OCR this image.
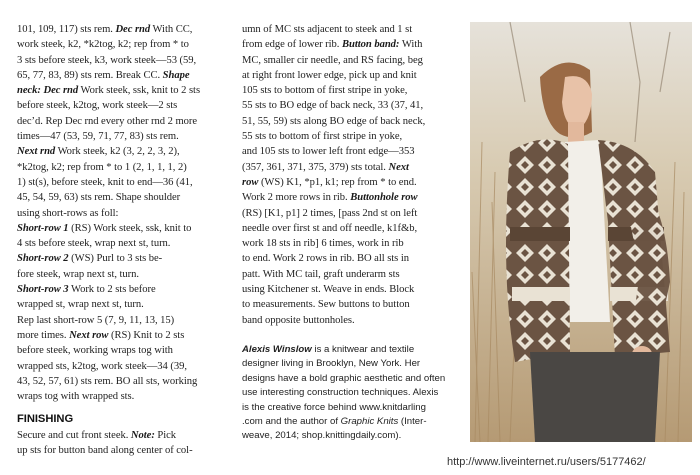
101, 109, 117) sts rem. Dec rnd With CC,
work steek, k2, *k2tog, k2; rep from * to
3 sts before steek, k3, work steek—53 (59,
65, 77, 83, 89) sts rem. Break CC. Shape
neck: Dec rnd Work steek, ssk, knit to 2 sts
before steek, k2tog, work steek—2 sts
dec’d. Rep Dec rnd every other rnd 2 more
times—47 (53, 59, 71, 77, 83) sts rem.
Next rnd Work steek, k2 (3, 2, 2, 3, 2),
*k2tog, k2; rep from * to 1 (2, 1, 1, 1, 2)
1) st(s), before steek, knit to end—36 (41,
45, 54, 59, 63) sts rem. Shape shoulder
using short-rows as foll:
Short-row 1 (RS) Work steek, ssk, knit to
4 sts before steek, wrap next st, turn.
Short-row 2 (WS) Purl to 3 sts be-
fore steek, wrap next st, turn.
Short-row 3 Work to 2 sts before
wrapped st, wrap next st, turn.
Rep last short-row 5 (7, 9, 11, 13, 15)
more times. Next row (RS) Knit to 2 sts
before steek, working wraps tog with
wrapped sts, k2tog, work steek—34 (39,
43, 52, 57, 61) sts rem. BO all sts, working
wraps tog with wrapped sts.
FINISHING
Secure and cut front steek. Note: Pick
up sts for button band along center of col-
umn of MC sts adjacent to steek and 1 st
from edge of lower rib. Button band: With
MC, smaller cir needle, and RS facing, beg
at right front lower edge, pick up and knit
105 sts to bottom of first stripe in yoke,
55 sts to BO edge of back neck, 33 (37, 41,
51, 55, 59) sts along BO edge of back neck,
55 sts to bottom of first stripe in yoke,
and 105 sts to lower left front edge—353
(357, 361, 371, 375, 379) sts total. Next
row (WS) K1, *p1, k1; rep from * to end.
Work 2 more rows in rib. Buttonhole row
(RS) [K1, p1] 2 times, [pass 2nd st on left
needle over first st and off needle, k1f&b,
work 18 sts in rib] 6 times, work in rib
to end. Work 2 rows in rib. BO all sts in
patt. With MC tail, graft underarm sts
using Kitchener st. Weave in ends. Block
to measurements. Sew buttons to button
band opposite buttonholes.
Alexis Winslow is a knitwear and textile
designer living in Brooklyn, New York. Her
designs have a bold graphic aesthetic and often
use interesting construction techniques. Alexis
is the creative force behind www.knitdarling
.com and the author of Graphic Knits (Inter-
weave, 2014; shop.knittingdaily.com).
http://www.liveinternet.ru/users/5177462/
